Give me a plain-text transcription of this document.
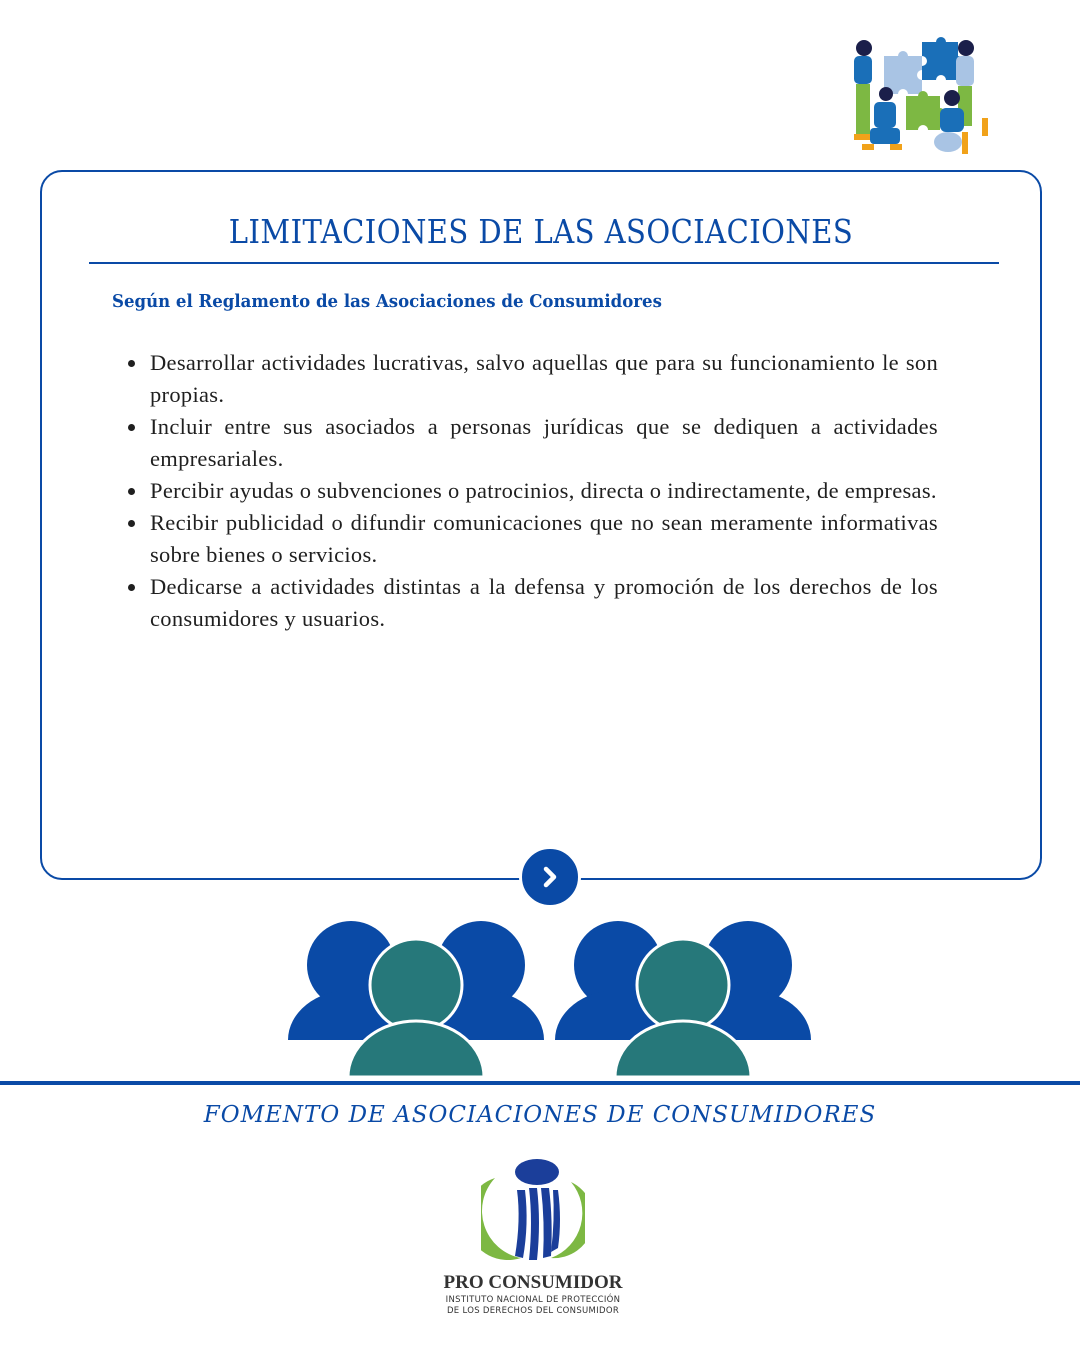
LIMITACIONES DE LAS ASOCIACIONES
Según el Reglamento de las Asociaciones de Consumidores
Desarrollar actividades lucrativas, salvo aquellas que para su funcionamiento le son propias.
Incluir entre sus asociados a personas jurídicas que se dediquen a actividades empresariales.
Percibir ayudas o subvenciones o patrocinios, directa o indirectamente, de empresas.
Recibir publicidad o difundir comunicaciones que no sean meramente informativas sobre bienes o servicios.
Dedicarse a actividades distintas a la defensa y promoción de los derechos de los consumidores y usuarios.
FOMENTO DE ASOCIACIONES DE CONSUMIDORES
PRO CONSUMIDOR
INSTITUTO NACIONAL DE PROTECCIÓN
DE LOS DERECHOS DEL CONSUMIDOR
